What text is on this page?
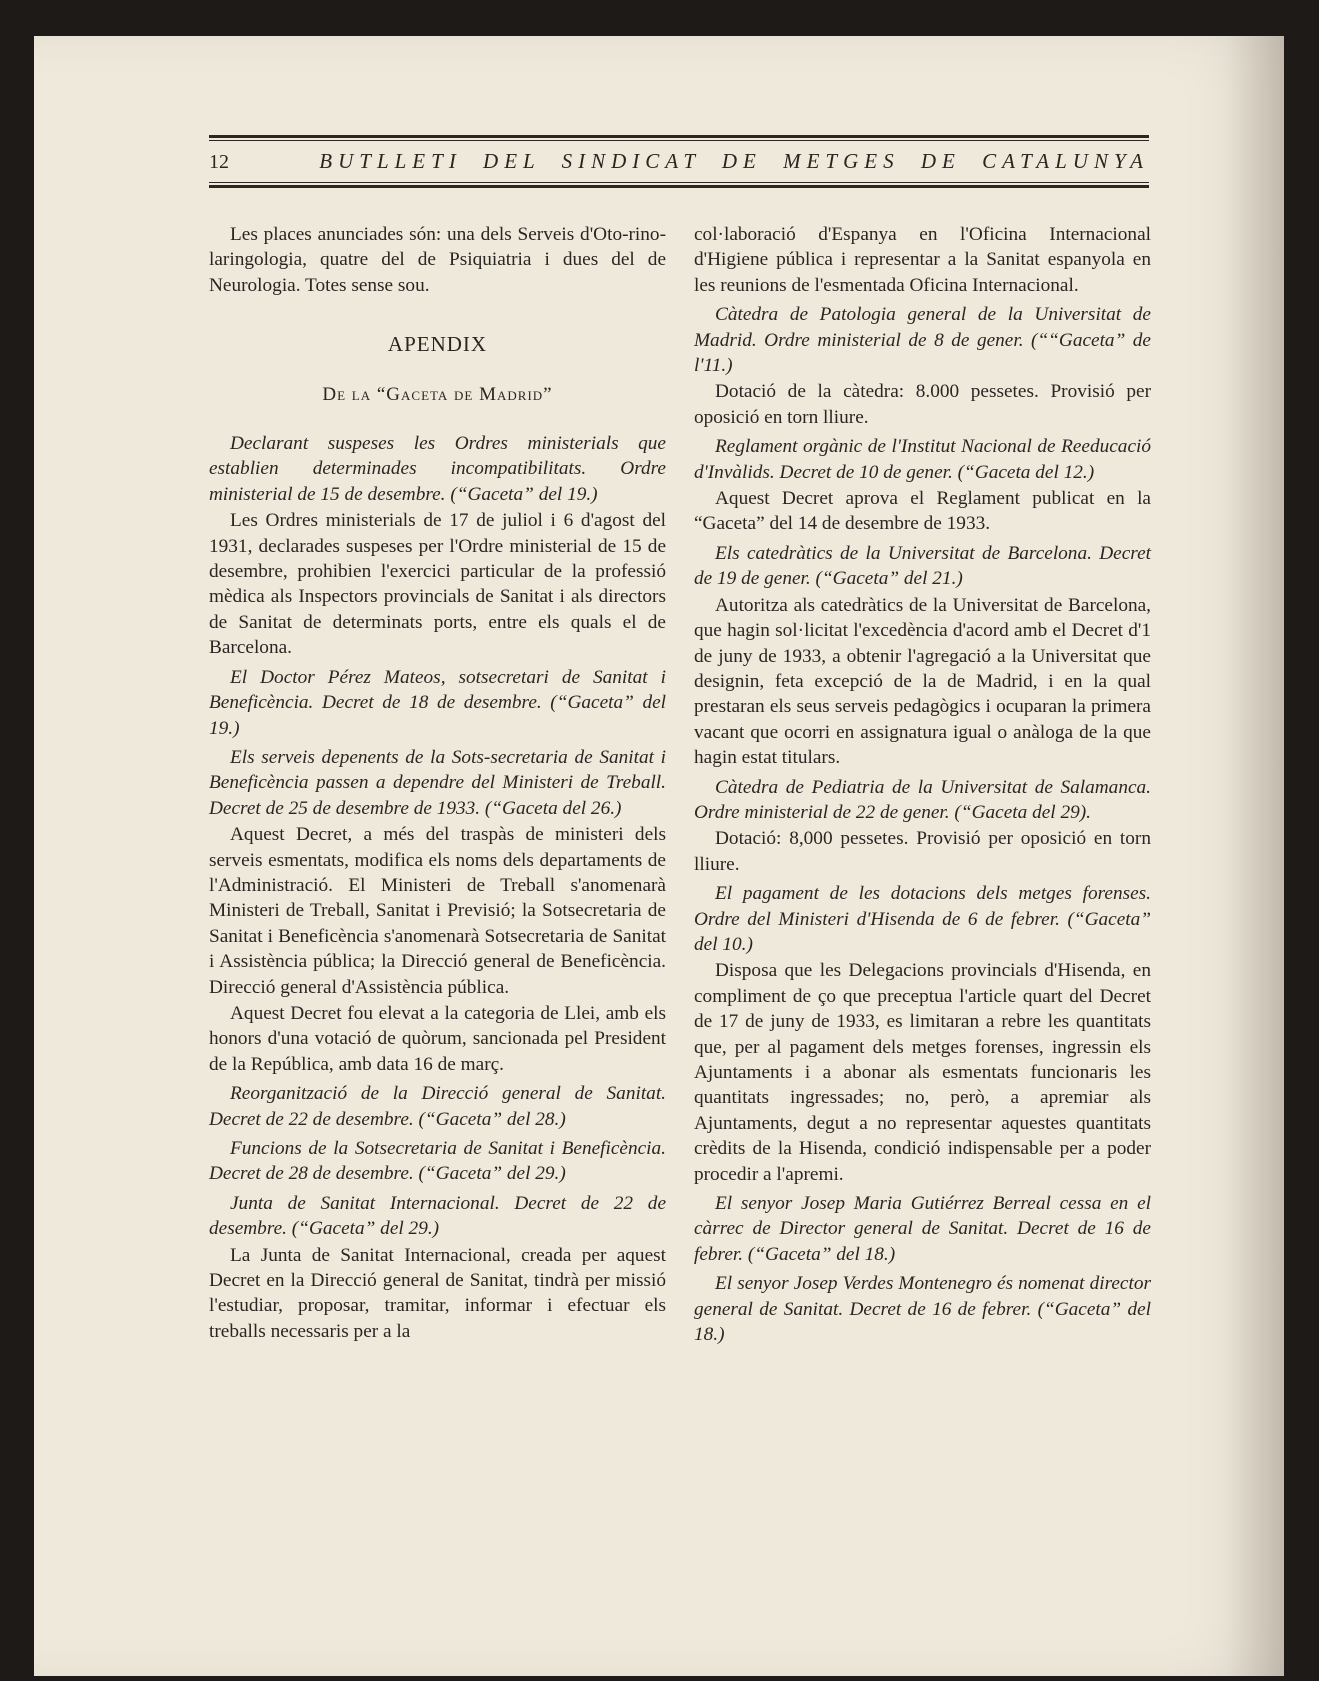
12	BUTLLETI DEL SINDICAT DE METGES DE CATALUNYA

Les places anunciades són: una dels Serveis d'Oto-rino-laringologia, quatre del de Psiquiatria i dues del de Neurologia. Totes sense sou.

APENDIX

De la “Gaceta de Madrid”

Declarant suspeses les Ordres ministerials que establien determinades incompatibilitats. Ordre ministerial de 15 de desembre. (“Gaceta” del 19.)

Les Ordres ministerials de 17 de juliol i 6 d'agost del 1931, declarades suspeses per l'Ordre ministerial de 15 de desembre, prohibien l'exercici particular de la professió mèdica als Inspectors provincials de Sanitat i als directors de Sanitat de determinats ports, entre els quals el de Barcelona.

El Doctor Pérez Mateos, sotsecretari de Sanitat i Beneficència. Decret de 18 de desembre. (“Gaceta” del 19.)

Els serveis depenents de la Sots-secretaria de Sanitat i Beneficència passen a dependre del Ministeri de Treball. Decret de 25 de desembre de 1933. (“Gaceta del 26.)

Aquest Decret, a més del traspàs de ministeri dels serveis esmentats, modifica els noms dels departaments de l'Administració. El Ministeri de Treball s'anomenarà Ministeri de Treball, Sanitat i Previsió; la Sotsecretaria de Sanitat i Beneficència s'anomenarà Sotsecretaria de Sanitat i Assistència pública; la Direcció general de Beneficència. Direcció general d'Assistència pública.

Aquest Decret fou elevat a la categoria de Llei, amb els honors d'una votació de quòrum, sancionada pel President de la República, amb data 16 de març.

Reorganització de la Direcció general de Sanitat. Decret de 22 de desembre. (“Gaceta” del 28.)

Funcions de la Sotsecretaria de Sanitat i Beneficència. Decret de 28 de desembre. (“Gaceta” del 29.)

Junta de Sanitat Internacional. Decret de 22 de desembre. (“Gaceta” del 29.)

La Junta de Sanitat Internacional, creada per aquest Decret en la Direcció general de Sanitat, tindrà per missió l'estudiar, proposar, tramitar, informar i efectuar els treballs necessaris per a la

col·laboració d'Espanya en l'Oficina Internacional d'Higiene pública i representar a la Sanitat espanyola en les reunions de l'esmentada Oficina Internacional.

Càtedra de Patologia general de la Universitat de Madrid. Ordre ministerial de 8 de gener. (““Gaceta” de l'11.)

Dotació de la càtedra: 8.000 pessetes. Provisió per oposició en torn lliure.

Reglament orgànic de l'Institut Nacional de Reeducació d'Invàlids. Decret de 10 de gener. (“Gaceta del 12.)

Aquest Decret aprova el Reglament publicat en la “Gaceta” del 14 de desembre de 1933.

Els catedràtics de la Universitat de Barcelona. Decret de 19 de gener. (“Gaceta” del 21.)

Autoritza als catedràtics de la Universitat de Barcelona, que hagin sol·licitat l'excedència d'acord amb el Decret d'1 de juny de 1933, a obtenir l'agregació a la Universitat que designin, feta excepció de la de Madrid, i en la qual prestaran els seus serveis pedagògics i ocuparan la primera vacant que ocorri en assignatura igual o anàloga de la que hagin estat titulars.

Càtedra de Pediatria de la Universitat de Salamanca. Ordre ministerial de 22 de gener. (“Gaceta del 29).

Dotació: 8,000 pessetes. Provisió per oposició en torn lliure.

El pagament de les dotacions dels metges forenses. Ordre del Ministeri d'Hisenda de 6 de febrer. (“Gaceta” del 10.)

Disposa que les Delegacions provincials d'Hisenda, en compliment de ço que preceptua l'article quart del Decret de 17 de juny de 1933, es limitaran a rebre les quantitats que, per al pagament dels metges forenses, ingressin els Ajuntaments i a abonar als esmentats funcionaris les quantitats ingressades; no, però, a apremiar als Ajuntaments, degut a no representar aquestes quantitats crèdits de la Hisenda, condició indispensable per a poder procedir a l'apremi.

El senyor Josep Maria Gutiérrez Berreal cessa en el càrrec de Director general de Sanitat. Decret de 16 de febrer. (“Gaceta” del 18.)

El senyor Josep Verdes Montenegro és nomenat director general de Sanitat. Decret de 16 de febrer. (“Gaceta” del 18.)
